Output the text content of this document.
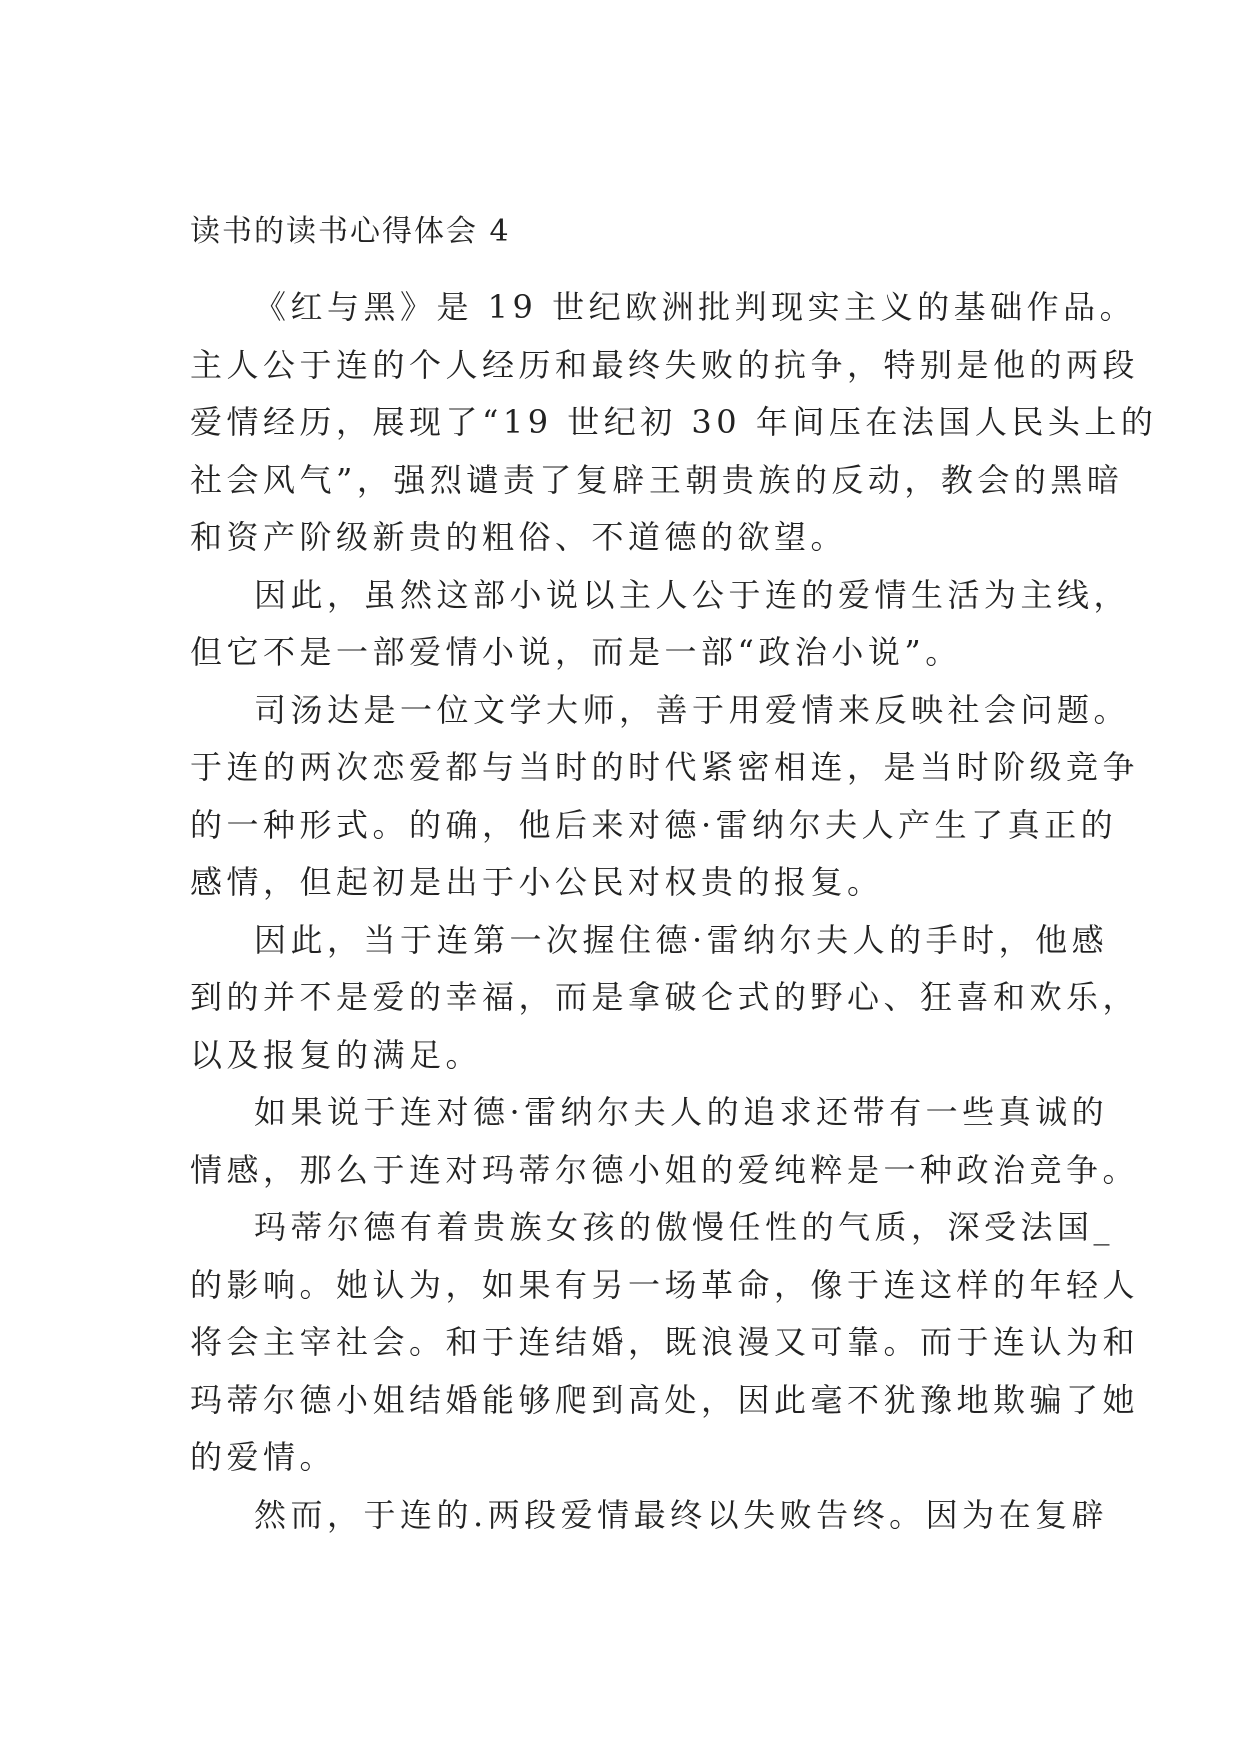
读书的读书心得体会 4
《红与黑》是 19 世纪欧洲批判现实主义的基础作品。
主人公于连的个人经历和最终失败的抗争，特别是他的两段
爱情经历，展现了“19 世纪初 30 年间压在法国人民头上的
社会风气”，强烈谴责了复辟王朝贵族的反动，教会的黑暗
和资产阶级新贵的粗俗、不道德的欲望。
因此，虽然这部小说以主人公于连的爱情生活为主线，
但它不是一部爱情小说，而是一部“政治小说”。
司汤达是一位文学大师，善于用爱情来反映社会问题。
于连的两次恋爱都与当时的时代紧密相连，是当时阶级竞争
的一种形式。的确，他后来对德·雷纳尔夫人产生了真正的
感情，但起初是出于小公民对权贵的报复。
因此，当于连第一次握住德·雷纳尔夫人的手时，他感
到的并不是爱的幸福，而是拿破仑式的野心、狂喜和欢乐，
以及报复的满足。
如果说于连对德·雷纳尔夫人的追求还带有一些真诚的
情感，那么于连对玛蒂尔德小姐的爱纯粹是一种政治竞争。
玛蒂尔德有着贵族女孩的傲慢任性的气质，深受法国_
的影响。她认为，如果有另一场革命，像于连这样的年轻人
将会主宰社会。和于连结婚，既浪漫又可靠。而于连认为和
玛蒂尔德小姐结婚能够爬到高处，因此毫不犹豫地欺骗了她
的爱情。
然而，于连的.两段爱情最终以失败告终。因为在复辟
